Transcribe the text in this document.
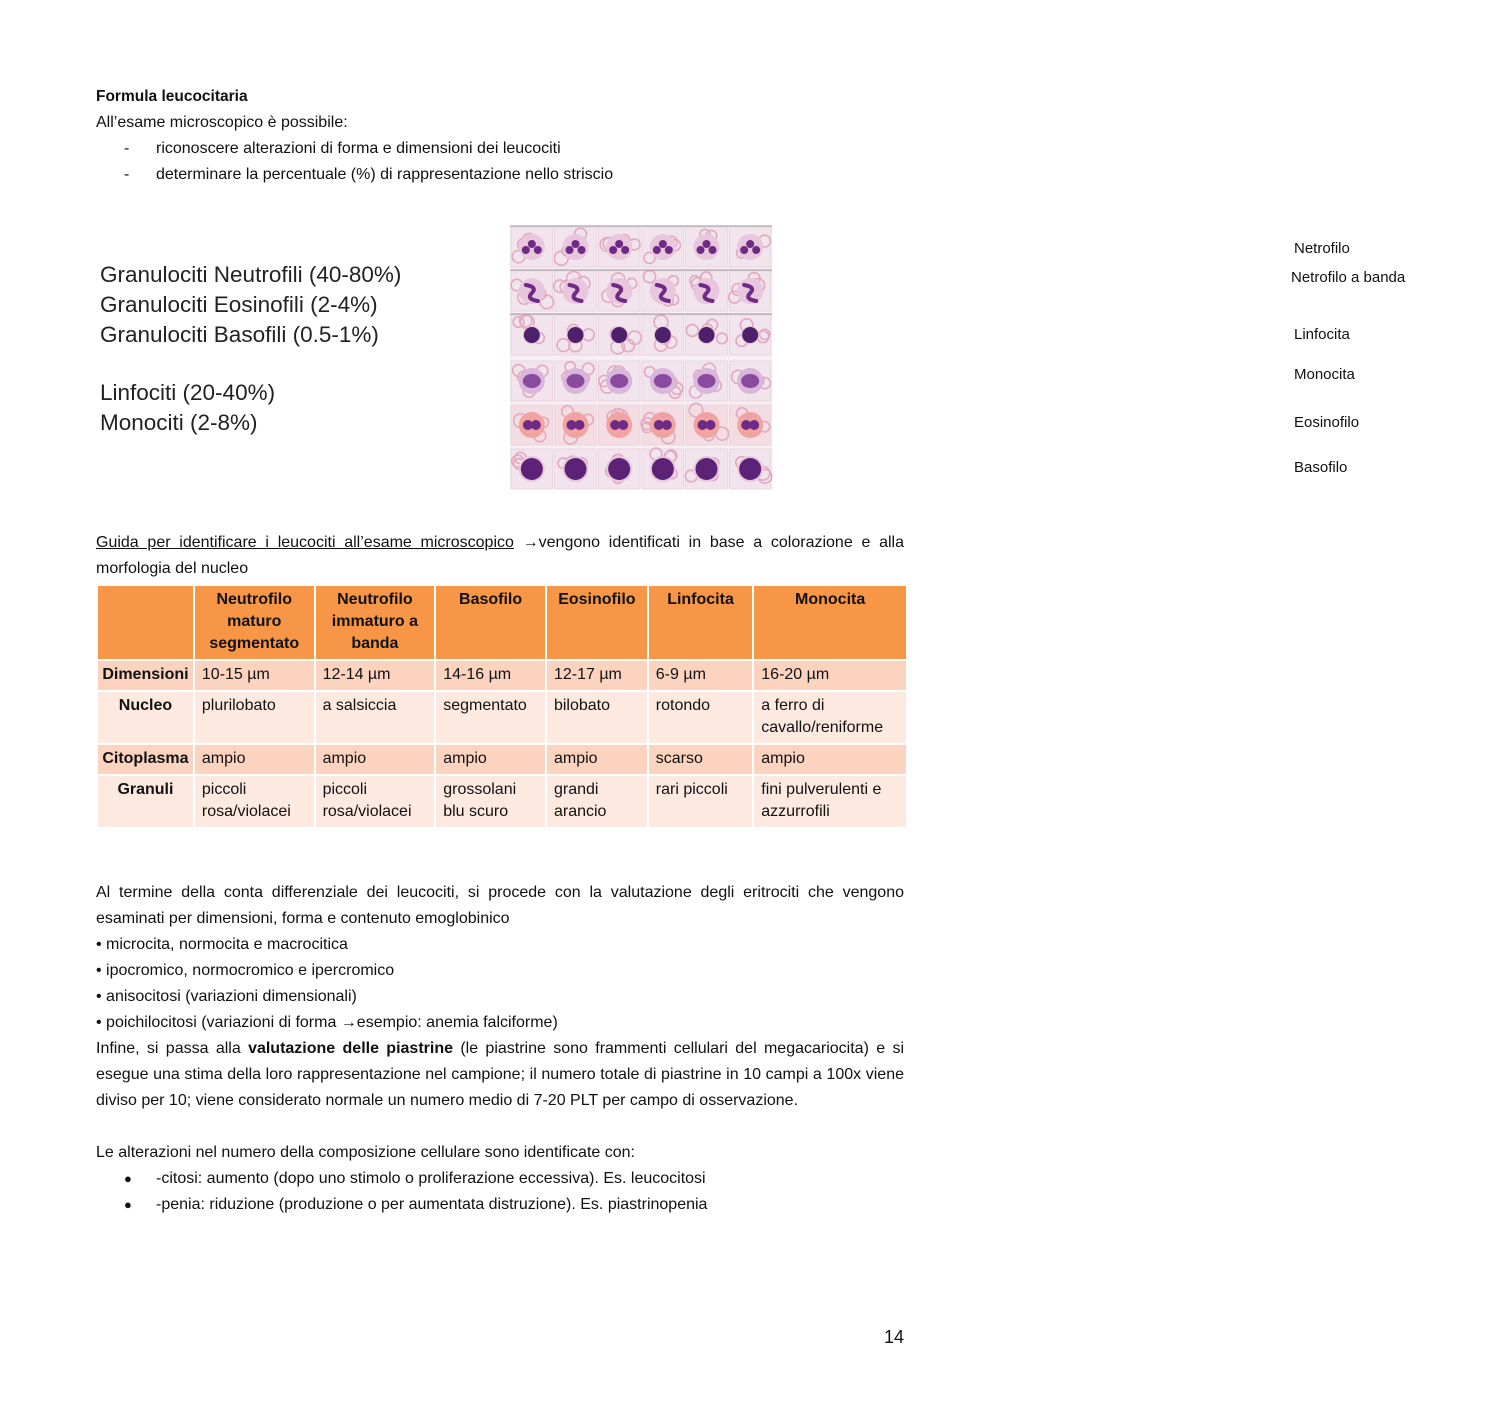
Formula leucocitaria
All’esame microscopico è possibile:
- riconoscere alterazioni di forma e dimensioni dei leucociti
- determinare la percentuale (%) di rappresentazione nello striscio
Granulociti Neutrofili (40-80%)
Granulociti Eosinofili (2-4%)
Granulociti Basofili (0.5-1%)
Linfociti (20-40%)
Monociti (2-8%)
Netrofilo
Netrofilo a banda
Linfocita
Monocita
Eosinofilo
Basofilo
Guida per identificare i leucociti all’esame microscopico →vengono identificati in base a colorazione e alla morfologia del nucleo
	Neutrofilo maturo segmentato	Neutrofilo immaturo a banda	Basofilo	Eosinofilo	Linfocita	Monocita
Dimensioni	10-15 µm	12-14 µm	14-16 µm	12-17 µm	6-9 µm	16-20 µm
Nucleo	plurilobato	a salsiccia	segmentato	bilobato	rotondo	a ferro di cavallo/reniforme
Citoplasma	ampio	ampio	ampio	ampio	scarso	ampio
Granuli	piccoli rosa/violacei	piccoli rosa/violacei	grossolani blu scuro	grandi arancio	rari piccoli	fini pulverulenti e azzurrofili
Al termine della conta differenziale dei leucociti, si procede con la valutazione degli eritrociti che vengono esaminati per dimensioni, forma e contenuto emoglobinico
• microcita, normocita e macrocitica
• ipocromico, normocromico e ipercromico
• anisocitosi (variazioni dimensionali)
• poichilocitosi (variazioni di forma →esempio: anemia falciforme)
Infine, si passa alla valutazione delle piastrine (le piastrine sono frammenti cellulari del megacariocita) e si esegue una stima della loro rappresentazione nel campione; il numero totale di piastrine in 10 campi a 100x viene diviso per 10; viene considerato normale un numero medio di 7-20 PLT per campo di osservazione.
Le alterazioni nel numero della composizione cellulare sono identificate con:
● -citosi: aumento (dopo uno stimolo o proliferazione eccessiva). Es. leucocitosi
● -penia: riduzione (produzione o per aumentata distruzione). Es. piastrinopenia
14
